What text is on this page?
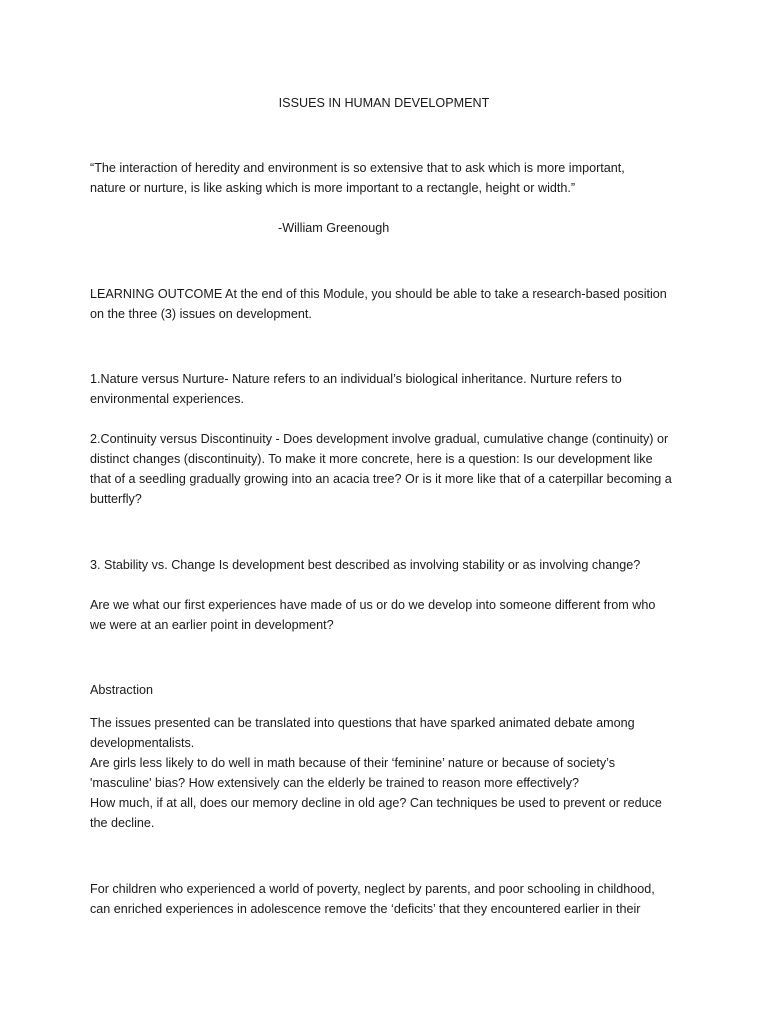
ISSUES IN HUMAN DEVELOPMENT

“The interaction of heredity and environment is so extensive that to ask which is more important,
nature or nurture, is like asking which is more important to a rectangle, height or width.”

-William Greenough

LEARNING OUTCOME At the end of this Module, you should be able to take a research-based position
on the three (3) issues on development.

1.Nature versus Nurture- Nature refers to an individual’s biological inheritance. Nurture refers to
environmental experiences.

2.Continuity versus Discontinuity - Does development involve gradual, cumulative change (continuity) or
distinct changes (discontinuity). To make it more concrete, here is a question: Is our development like
that of a seedling gradually growing into an acacia tree? Or is it more like that of a caterpillar becoming a
butterfly?

3. Stability vs. Change Is development best described as involving stability or as involving change?

Are we what our first experiences have made of us or do we develop into someone different from who
we were at an earlier point in development?

Abstraction

The issues presented can be translated into questions that have sparked animated debate among
developmentalists.
Are girls less likely to do well in math because of their ‘feminine’ nature or because of society’s
'masculine' bias? How extensively can the elderly be trained to reason more effectively?
How much, if at all, does our memory decline in old age? Can techniques be used to prevent or reduce
the decline.

For children who experienced a world of poverty, neglect by parents, and poor schooling in childhood,
can enriched experiences in adolescence remove the ‘deficits’ that they encountered earlier in their
